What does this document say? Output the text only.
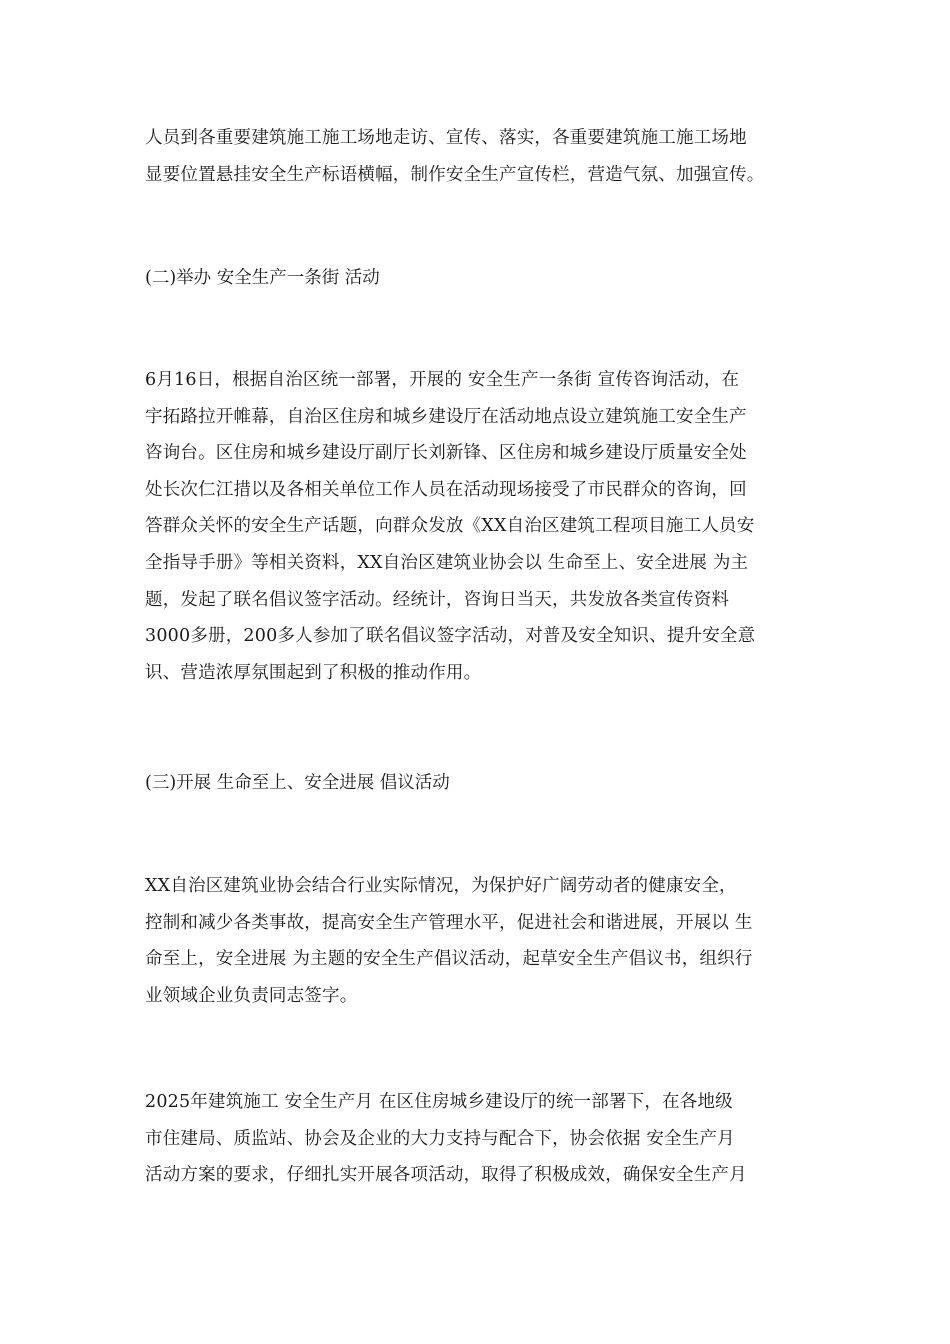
人员到各重要建筑施工施工场地走访、宣传、落实，各重要建筑施工施工场地
显要位置悬挂安全生产标语横幅，制作安全生产宣传栏，营造气氛、加强宣传。
(二)举办 安全生产一条街 活动
6月16日，根据自治区统一部署，开展的 安全生产一条街 宣传咨询活动，在
宇拓路拉开帷幕，自治区住房和城乡建设厅在活动地点设立建筑施工安全生产
咨询台。区住房和城乡建设厅副厅长刘新锋、区住房和城乡建设厅质量安全处
处长次仁江措以及各相关单位工作人员在活动现场接受了市民群众的咨询，回
答群众关怀的安全生产话题，向群众发放《XX自治区建筑工程项目施工人员安
全指导手册》等相关资料，XX自治区建筑业协会以 生命至上、安全进展 为主
题，发起了联名倡议签字活动。经统计，咨询日当天，共发放各类宣传资料
3000多册，200多人参加了联名倡议签字活动，对普及安全知识、提升安全意
识、营造浓厚氛围起到了积极的推动作用。
(三)开展 生命至上、安全进展 倡议活动
XX自治区建筑业协会结合行业实际情况，为保护好广阔劳动者的健康安全，
控制和减少各类事故，提高安全生产管理水平，促进社会和谐进展，开展以 生
命至上，安全进展 为主题的安全生产倡议活动，起草安全生产倡议书，组织行
业领域企业负责同志签字。
2025年建筑施工 安全生产月 在区住房城乡建设厅的统一部署下，在各地级
市住建局、质监站、协会及企业的大力支持与配合下，协会依据 安全生产月
活动方案的要求，仔细扎实开展各项活动，取得了积极成效，确保安全生产月
